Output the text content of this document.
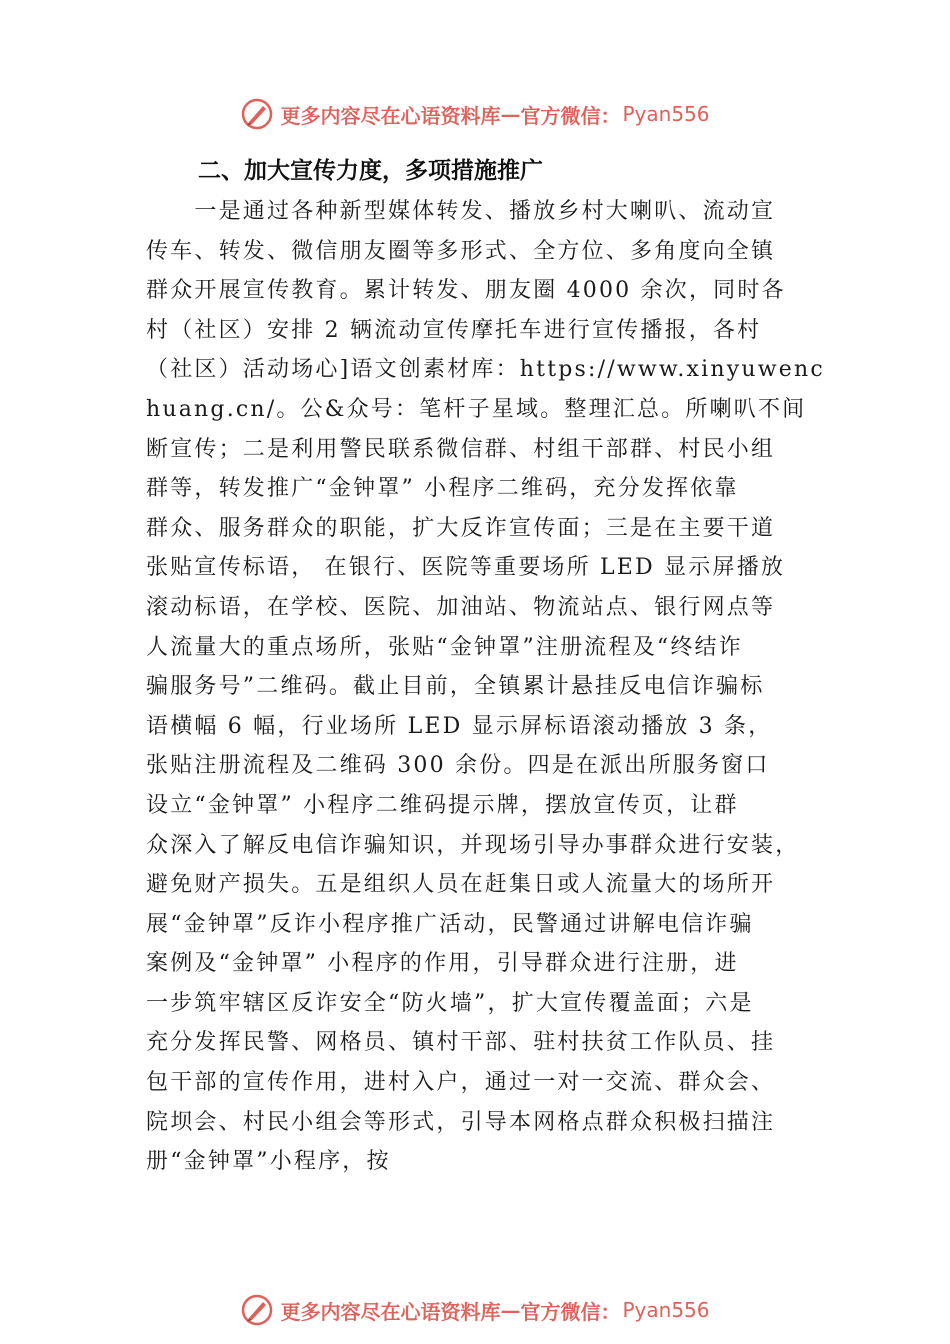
更多内容尽在心语资料库 — 官方微信： Pyan556
二、加大宣传力度，多项措施推广
　　一是通过各种新型媒体转发、播放乡村大喇叭、流动宣
传车、转发、微信朋友圈等多形式、全方位、多角度向全镇
群众开展宣传教育。累计转发、朋友圈 4000 余次，同时各
村（社区）安排 2 辆流动宣传摩托车进行宣传播报，各村
（社区）活动场心]语文创素材库：https://www.xinyuwenc
huang.cn/。公&众号：笔杆子星域。整理汇总。所喇叭不间
断宣传；二是利用警民联系微信群、村组干部群、村民小组
群等，转发推广“金钟罩” 小程序二维码，充分发挥依靠
群众、服务群众的职能，扩大反诈宣传面；三是在主要干道
张贴宣传标语， 在银行、医院等重要场所 LED 显示屏播放
滚动标语，在学校、医院、加油站、物流站点、银行网点等
人流量大的重点场所，张贴“金钟罩”注册流程及“终结诈
骗服务号”二维码。截止目前，全镇累计悬挂反电信诈骗标
语横幅 6 幅，行业场所 LED 显示屏标语滚动播放 3 条，
张贴注册流程及二维码 300 余份。四是在派出所服务窗口
设立“金钟罩” 小程序二维码提示牌，摆放宣传页，让群
众深入了解反电信诈骗知识，并现场引导办事群众进行安装，
避免财产损失。五是组织人员在赶集日或人流量大的场所开
展“金钟罩”反诈小程序推广活动，民警通过讲解电信诈骗
案例及“金钟罩” 小程序的作用，引导群众进行注册，进
一步筑牢辖区反诈安全“防火墙”，扩大宣传覆盖面；六是
充分发挥民警、网格员、镇村干部、驻村扶贫工作队员、挂
包干部的宣传作用，进村入户，通过一对一交流、群众会、
院坝会、村民小组会等形式，引导本网格点群众积极扫描注
册“金钟罩”小程序，按
更多内容尽在心语资料库 — 官方微信： Pyan556
